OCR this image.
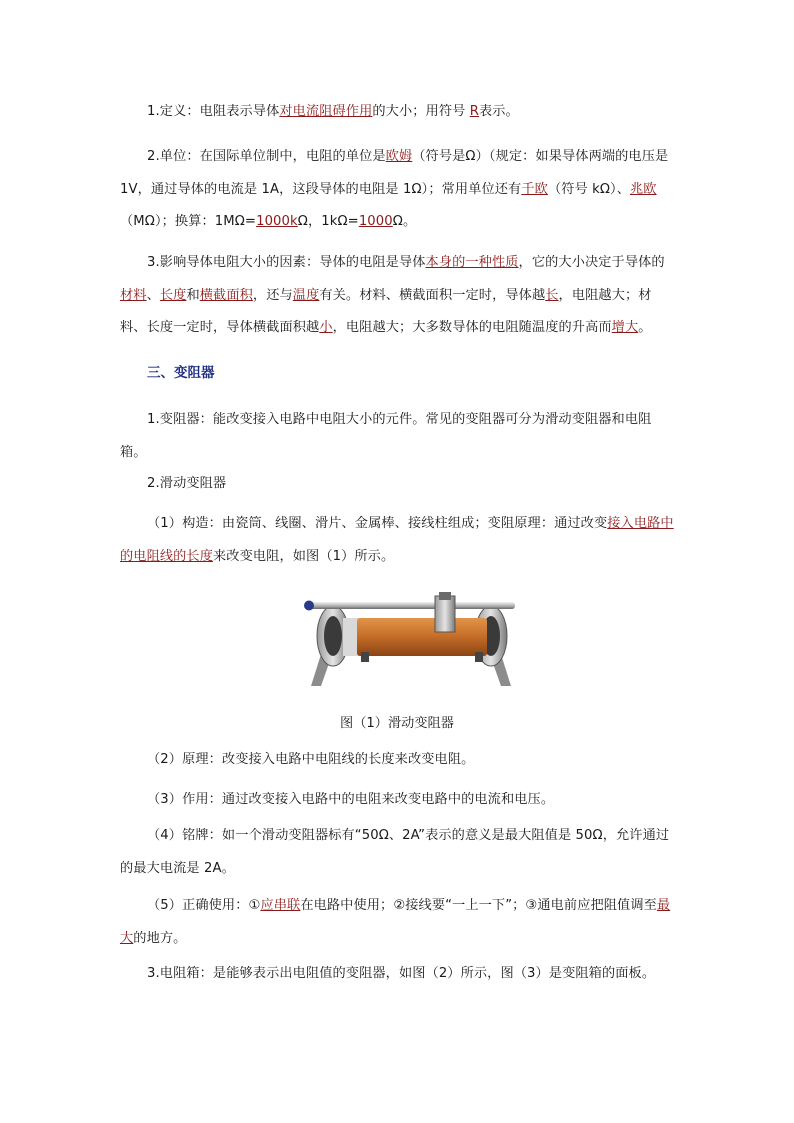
1.定义：电阻表示导体对电流阻碍作用的大小；用符号 R表示。

2.单位：在国际单位制中，电阻的单位是欧姆（符号是Ω）（规定：如果导体两端的电压是 1V，通过导体的电流是 1A，这段导体的电阻是 1Ω）；常用单位还有千欧（符号 kΩ）、兆欧（MΩ）；换算：1MΩ=1000kΩ，1kΩ=1000Ω。

3.影响导体电阻大小的因素：导体的电阻是导体本身的一种性质，它的大小决定于导体的材料、长度和横截面积，还与温度有关。材料、横截面积一定时，导体越长，电阻越大；材料、长度一定时，导体横截面积越小，电阻越大；大多数导体的电阻随温度的升高而增大。

三、变阻器

1.变阻器：能改变接入电路中电阻大小的元件。常见的变阻器可分为滑动变阻器和电阻箱。

2.滑动变阻器

（1）构造：由瓷筒、线圈、滑片、金属棒、接线柱组成；变阻原理：通过改变接入电路中的电阻线的长度来改变电阻，如图（1）所示。

图（1）滑动变阻器

（2）原理：改变接入电路中电阻线的长度来改变电阻。

（3）作用：通过改变接入电路中的电阻来改变电路中的电流和电压。

（4）铭牌：如一个滑动变阻器标有“50Ω、2A”表示的意义是最大阻值是 50Ω，允许通过的最大电流是 2A。

（5）正确使用：①应串联在电路中使用；②接线要“一上一下”；③通电前应把阻值调至最大的地方。

3.电阻箱：是能够表示出电阻值的变阻器，如图（2）所示，图（3）是变阻箱的面板。
